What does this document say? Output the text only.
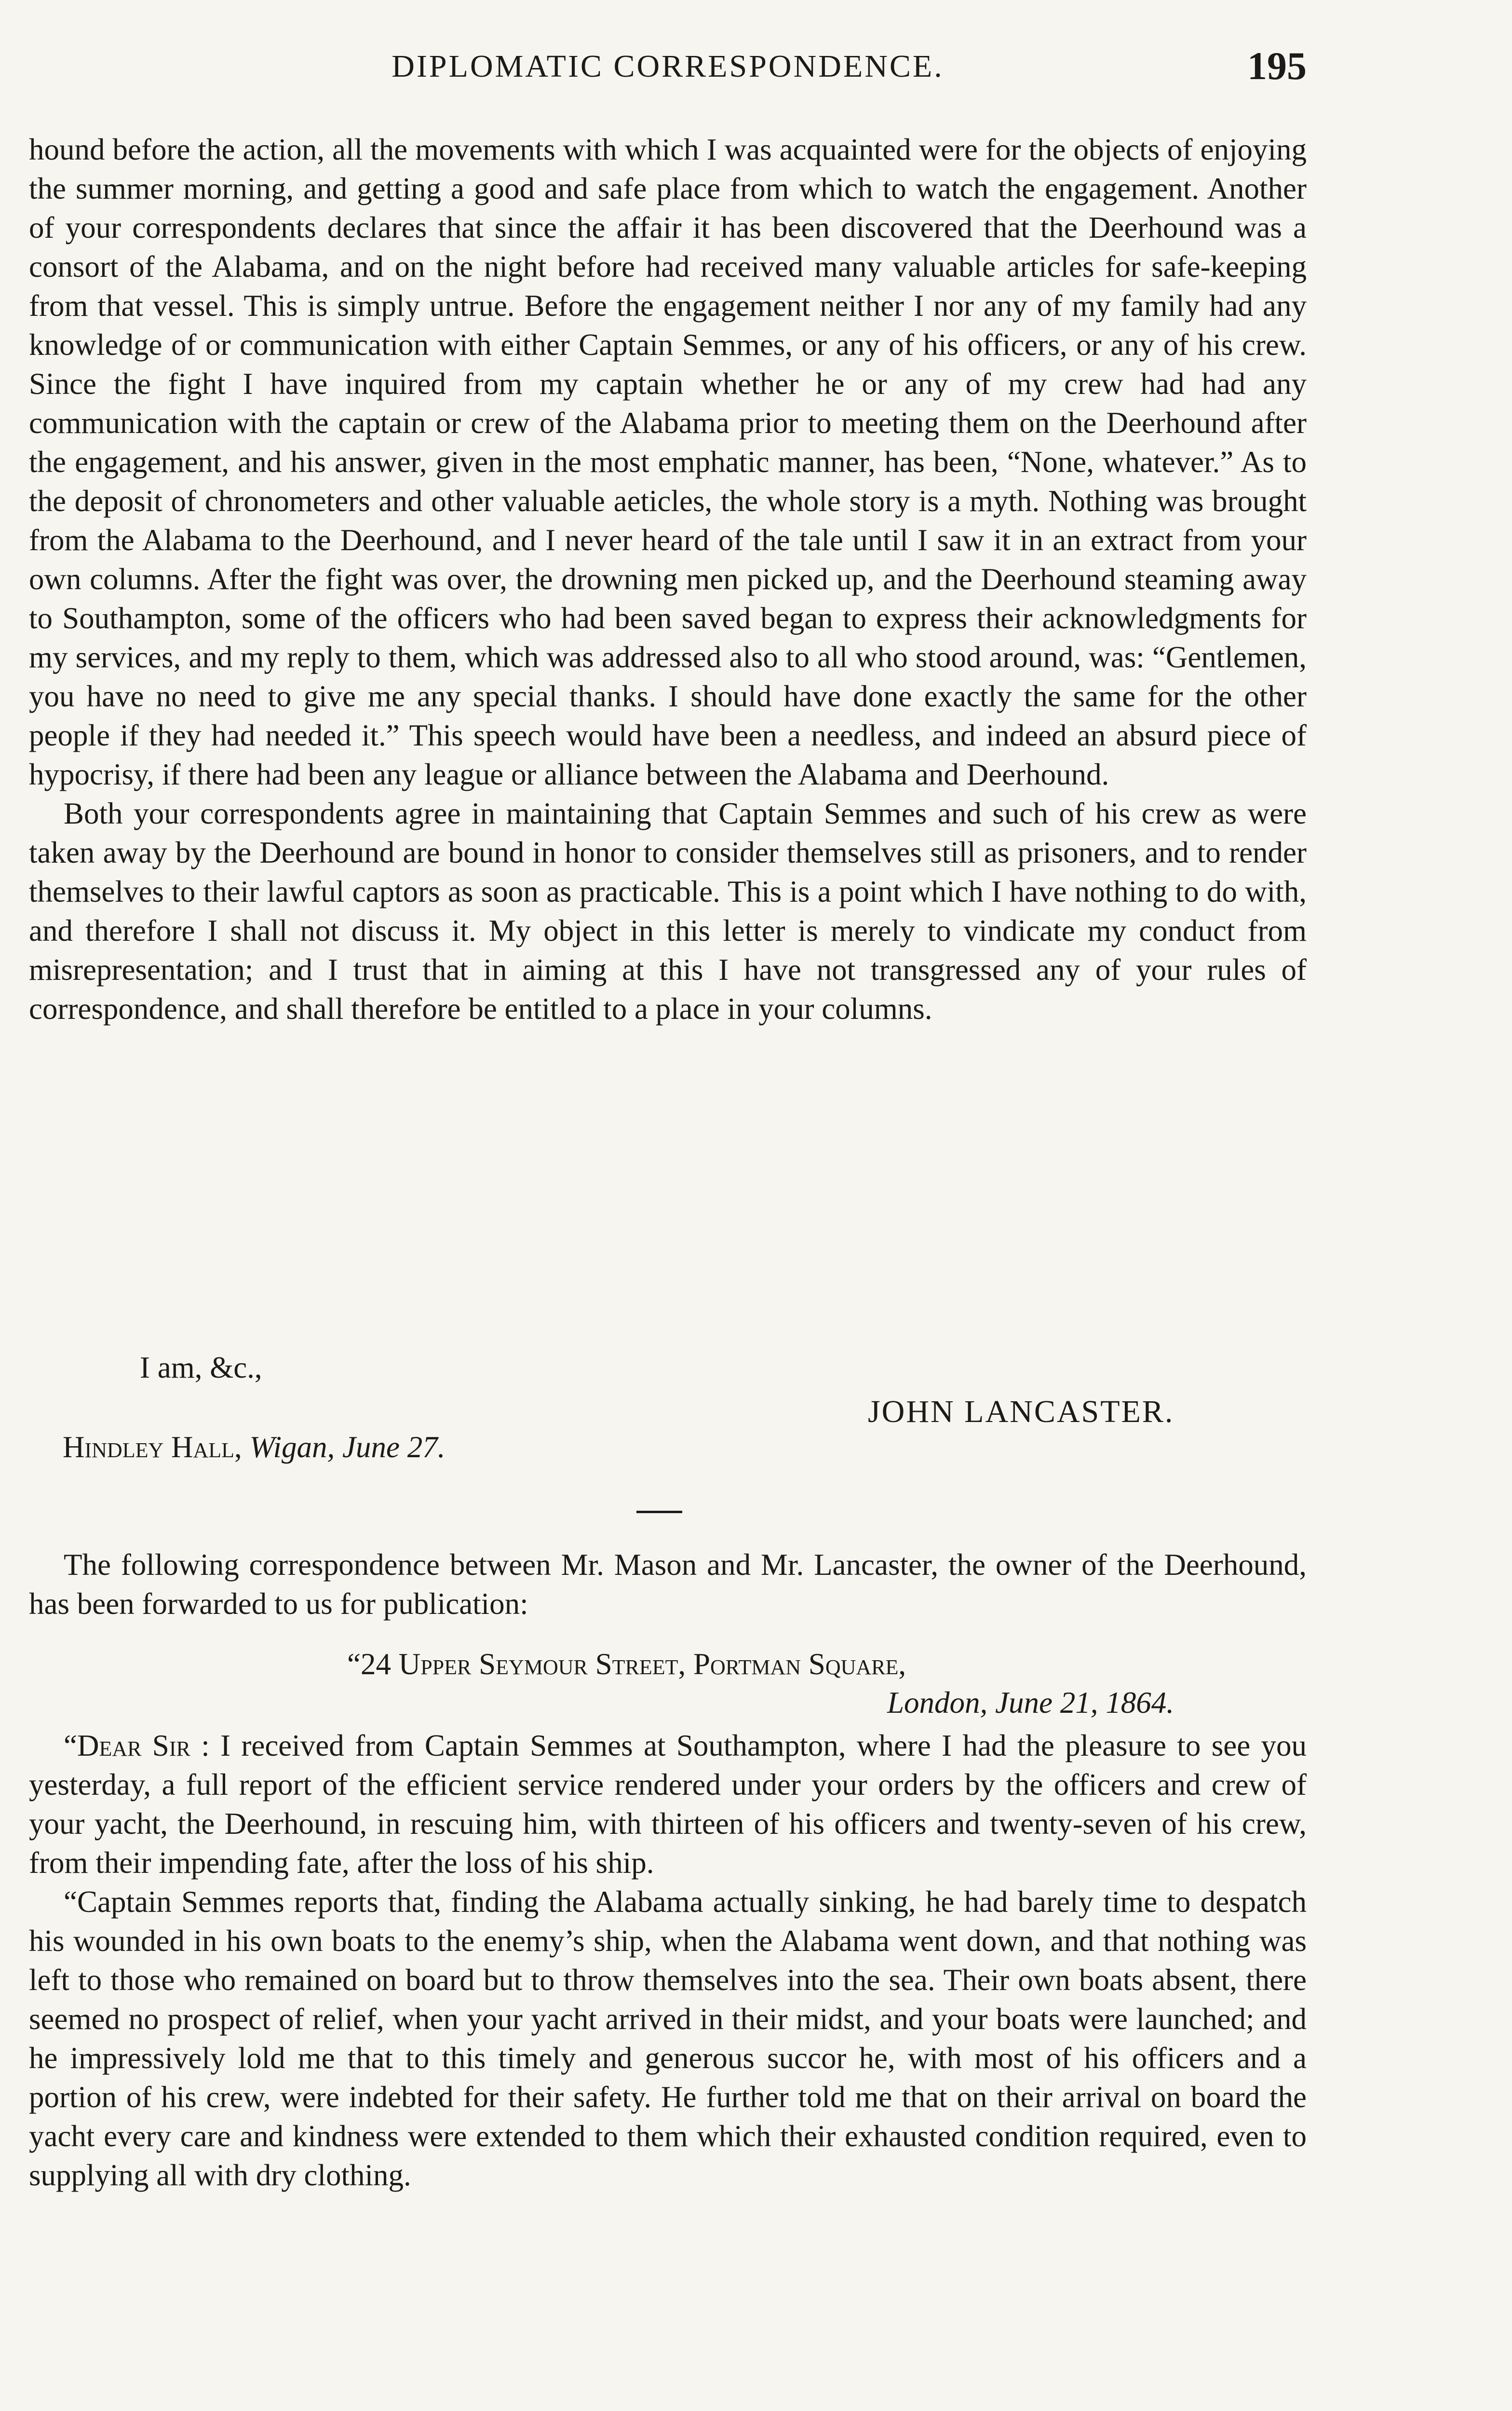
DIPLOMATIC CORRESPONDENCE.	195

hound before the action, all the movements with which I was acquainted were for the objects of enjoying the summer morning, and getting a good and safe place from which to watch the engagement. Another of your correspondents declares that since the affair it has been discovered that the Deerhound was a consort of the Alabama, and on the night before had received many valuable articles for safe-keeping from that vessel. This is simply untrue. Before the engagement neither I nor any of my family had any knowledge of or communication with either Captain Semmes, or any of his officers, or any of his crew. Since the fight I have inquired from my captain whether he or any of my crew had had any communication with the captain or crew of the Alabama prior to meeting them on the Deerhound after the engagement, and his answer, given in the most emphatic manner, has been, “None, whatever.” As to the deposit of chronometers and other valuable aeticles, the whole story is a myth. Nothing was brought from the Alabama to the Deerhound, and I never heard of the tale until I saw it in an extract from your own columns. After the fight was over, the drowning men picked up, and the Deerhound steaming away to Southampton, some of the officers who had been saved began to express their acknowledgments for my services, and my reply to them, which was addressed also to all who stood around, was: “Gentlemen, you have no need to give me any special thanks. I should have done exactly the same for the other people if they had needed it.” This speech would have been a needless, and indeed an absurd piece of hypocrisy, if there had been any league or alliance between the Alabama and Deerhound.

Both your correspondents agree in maintaining that Captain Semmes and such of his crew as were taken away by the Deerhound are bound in honor to consider themselves still as prisoners, and to render themselves to their lawful captors as soon as practicable. This is a point which I have nothing to do with, and therefore I shall not discuss it. My object in this letter is merely to vindicate my conduct from misrepresentation; and I trust that in aiming at this I have not transgressed any of your rules of correspondence, and shall therefore be entitled to a place in your columns.

I am, &c.,
JOHN LANCASTER.
Hindley Hall, Wigan, June 27.

The following correspondence between Mr. Mason and Mr. Lancaster, the owner of the Deerhound, has been forwarded to us for publication:

“24 Upper Seymour Street, Portman Square,
London, June 21, 1864.

“Dear Sir : I received from Captain Semmes at Southampton, where I had the pleasure to see you yesterday, a full report of the efficient service rendered under your orders by the officers and crew of your yacht, the Deerhound, in rescuing him, with thirteen of his officers and twenty-seven of his crew, from their impending fate, after the loss of his ship.

“Captain Semmes reports that, finding the Alabama actually sinking, he had barely time to despatch his wounded in his own boats to the enemy’s ship, when the Alabama went down, and that nothing was left to those who remained on board but to throw themselves into the sea. Their own boats absent, there seemed no prospect of relief, when your yacht arrived in their midst, and your boats were launched; and he impressively lold me that to this timely and generous succor he, with most of his officers and a portion of his crew, were indebted for their safety. He further told me that on their arrival on board the yacht every care and kindness were extended to them which their exhausted condition required, even to supplying all with dry clothing.
